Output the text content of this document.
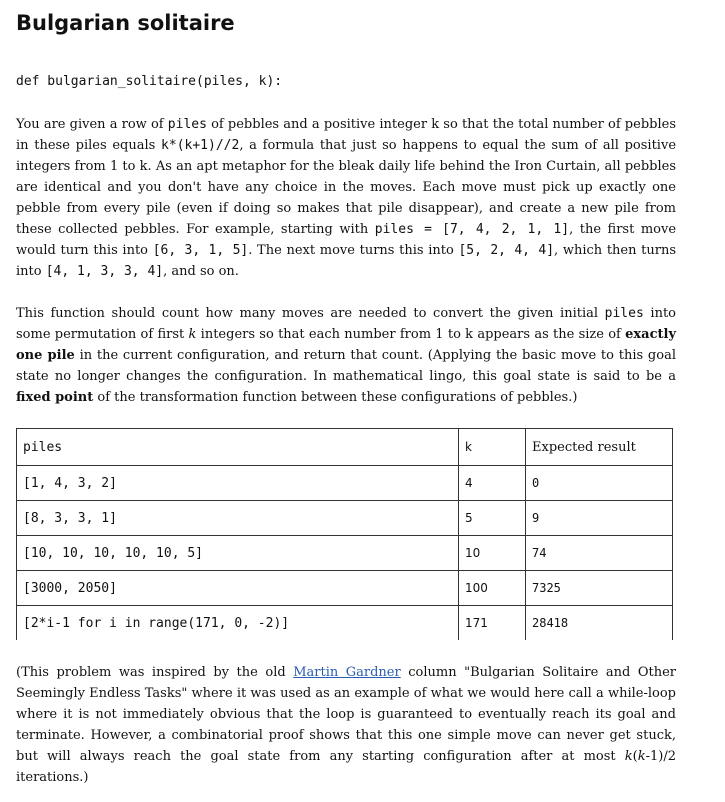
Bulgarian solitaire
def bulgarian_solitaire(piles, k):

You are given a row of piles of pebbles and a positive integer k so that the total number of pebbles in these piles equals k*(k+1)//2, a formula that just so happens to equal the sum of all positive integers from 1 to k. As an apt metaphor for the bleak daily life behind the Iron Curtain, all pebbles are identical and you don't have any choice in the moves. Each move must pick up exactly one pebble from every pile (even if doing so makes that pile disappear), and create a new pile from these collected pebbles. For example, starting with piles = [7, 4, 2, 1, 1], the first move would turn this into [6, 3, 1, 5]. The next move turns this into [5, 2, 4, 4], which then turns into [4, 1, 3, 3, 4], and so on.

This function should count how many moves are needed to convert the given initial piles into some permutation of first k integers so that each number from 1 to k appears as the size of exactly one pile in the current configuration, and return that count. (Applying the basic move to this goal state no longer changes the configuration. In mathematical lingo, this goal state is said to be a fixed point of the transformation function between these configurations of pebbles.)

piles	k	Expected result
[1, 4, 3, 2]	4	0
[8, 3, 3, 1]	5	9
[10, 10, 10, 10, 10, 5]	10	74
[3000, 2050]	100	7325
[2*i-1 for i in range(171, 0, -2)]	171	28418

(This problem was inspired by the old Martin Gardner column "Bulgarian Solitaire and Other Seemingly Endless Tasks" where it was used as an example of what we would here call a while-loop where it is not immediately obvious that the loop is guaranteed to eventually reach its goal and terminate. However, a combinatorial proof shows that this one simple move can never get stuck, but will always reach the goal state from any starting configuration after at most k(k-1)/2 iterations.)
